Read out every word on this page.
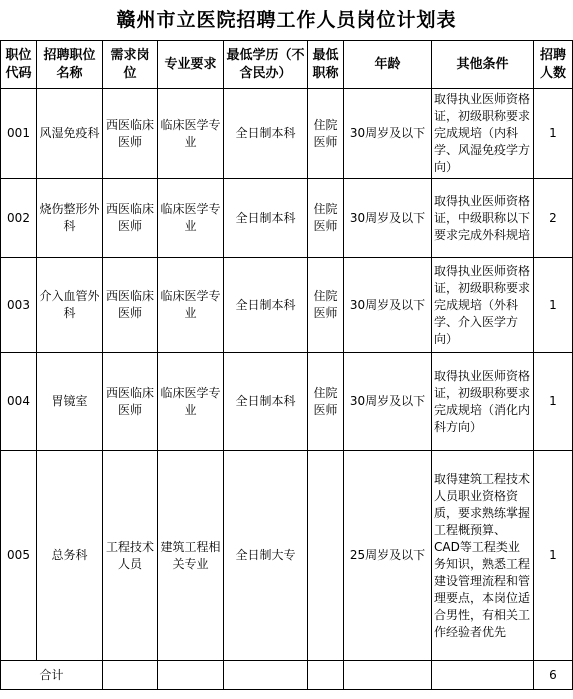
赣州市立医院招聘工作人员岗位计划表
职位代码	招聘职位名称	需求岗位	专业要求	最低学历（不含民办）	最低职称	年龄	其他条件	招聘人数
001	风湿免疫科	西医临床医师	临床医学专业	全日制本科	住院医师	30周岁及以下	取得执业医师资格证，初级职称要求完成规培（内科学、风湿免疫学方向）	1
002	烧伤整形外科	西医临床医师	临床医学专业	全日制本科	住院医师	30周岁及以下	取得执业医师资格证，中级职称以下要求完成外科规培	2
003	介入血管外科	西医临床医师	临床医学专业	全日制本科	住院医师	30周岁及以下	取得执业医师资格证，初级职称要求完成规培（外科学、介入医学方向）	1
004	胃镜室	西医临床医师	临床医学专业	全日制本科	住院医师	30周岁及以下	取得执业医师资格证，初级职称要求完成规培（消化内科方向）	1
005	总务科	工程技术人员	建筑工程相关专业	全日制大专		25周岁及以下	取得建筑工程技术人员职业资格资质，要求熟练掌握工程概预算、CAD等工程类业务知识，熟悉工程建设管理流程和管理要点，本岗位适合男性，有相关工作经验者优先	1
合计								6
